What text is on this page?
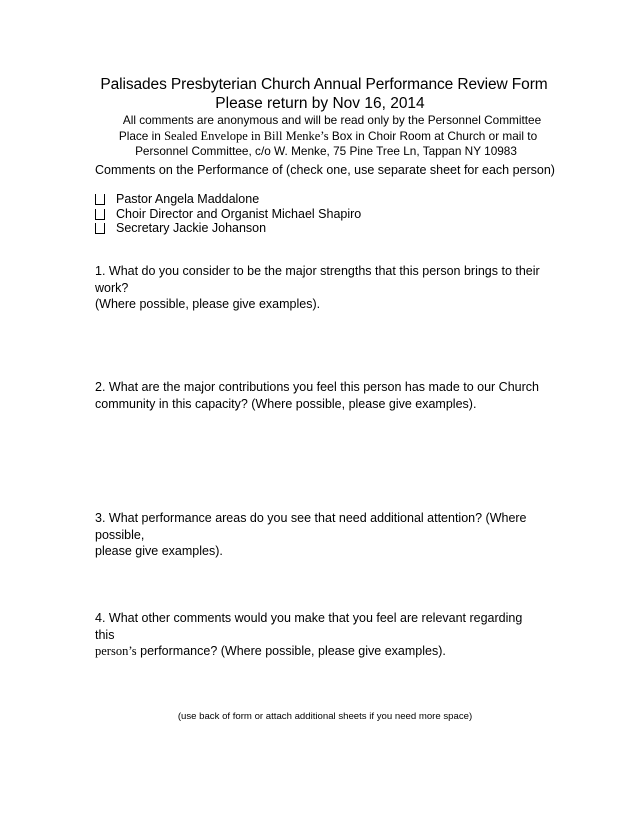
Palisades Presbyterian Church Annual Performance Review Form
Please return by Nov 16, 2014
All comments are anonymous and will be read only by the Personnel Committee
Place in Sealed Envelope in Bill Menke’s Box in Choir Room at Church or mail to
Personnel Committee, c/o W. Menke, 75 Pine Tree Ln, Tappan NY 10983
Comments on the Performance of (check one, use separate sheet for each person)
Pastor Angela Maddalone
Choir Director and Organist Michael Shapiro
Secretary Jackie Johanson
1. What do you consider to be the major strengths that this person brings to their work?
(Where possible, please give examples).
2. What are the major contributions you feel this person has made to our Church
community in this capacity? (Where possible, please give examples).
3. What performance areas do you see that need additional attention? (Where possible,
please give examples).
4. What other comments would you make that you feel are relevant regarding this
person’s performance? (Where possible, please give examples).
(use back of form or attach additional sheets if you need more space)
